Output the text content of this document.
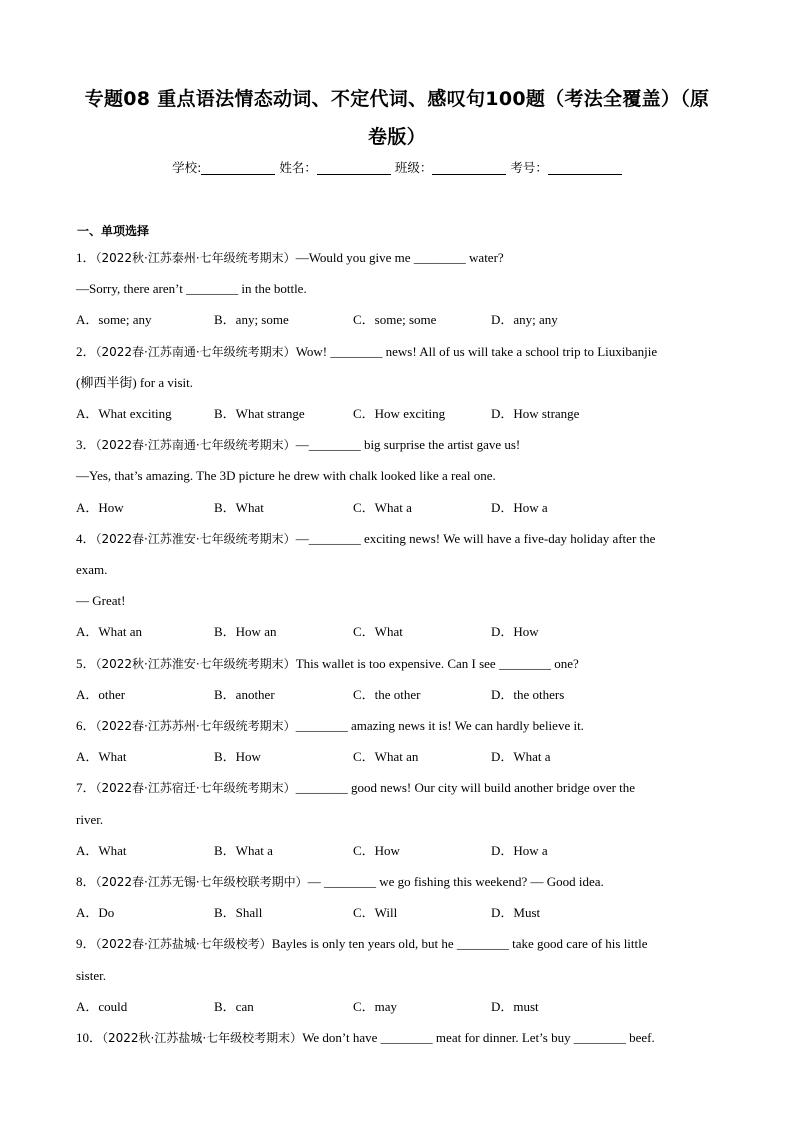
专题08 重点语法情态动词、不定代词、感叹句100题（考法全覆盖）（原
卷版）
学校:	姓名：	班级：	考号：
一、单项选择
1．（2022秋·江苏泰州·七年级统考期末）—Would you give me ________ water?
—Sorry, there aren’t ________ in the bottle.
A．some; any	B．any; some	C．some; some	D．any; any
2．（2022春·江苏南通·七年级统考期末）Wow! ________ news! All of us will take a school trip to Liuxibanjie
(柳西半街) for a visit.
A．What exciting	B．What strange	C．How exciting	D．How strange
3．（2022春·江苏南通·七年级统考期末）—________ big surprise the artist gave us!
—Yes, that’s amazing. The 3D picture he drew with chalk looked like a real one.
A．How	B．What	C．What a	D．How a
4．（2022春·江苏淮安·七年级统考期末）—________ exciting news! We will have a five-day holiday after the
exam.
— Great!
A．What an	B．How an	C．What	D．How
5．（2022秋·江苏淮安·七年级统考期末）This wallet is too expensive. Can I see ________ one?
A．other	B．another	C．the other	D．the others
6．（2022春·江苏苏州·七年级统考期末）________ amazing news it is! We can hardly believe it.
A．What	B．How	C．What an	D．What a
7．（2022春·江苏宿迁·七年级统考期末）________ good news! Our city will build another bridge over the
river.
A．What	B．What a	C．How	D．How a
8．（2022春·江苏无锡·七年级校联考期中）— ________ we go fishing this weekend? — Good idea.
A．Do	B．Shall	C．Will	D．Must
9．（2022春·江苏盐城·七年级校考）Bayles is only ten years old, but he ________ take good care of his little
sister.
A．could	B．can	C．may	D．must
10．（2022秋·江苏盐城·七年级校考期末）We don’t have ________ meat for dinner. Let’s buy ________ beef.
